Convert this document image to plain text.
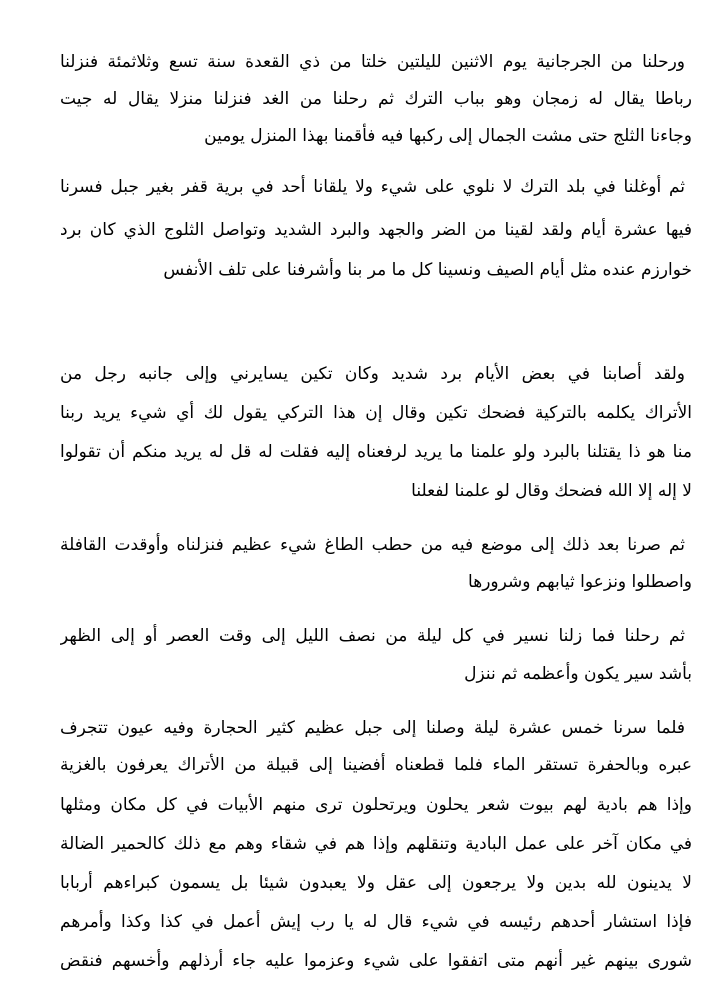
ورحلنا من الجرجانية يوم الاثنين لليلتين خلتا من ذي القعدة سنة تسع وثلاثمئة فنزلنا

رباطا يقال له زمجان وهو بباب الترك ثم رحلنا من الغد فنزلنا منزلا يقال له جيت

وجاءنا الثلج حتى مشت الجمال إلى ركبها فيه فأقمنا بهذا المنزل يومين

ثم أوغلنا في بلد الترك لا نلوي على شيء ولا يلقانا أحد في برية قفر بغير جبل فسرنا

فيها عشرة أيام ولقد لقينا من الضر والجهد والبرد الشديد وتواصل الثلوج الذي كان برد

خوارزم عنده مثل أيام الصيف ونسينا كل ما مر بنا وأشرفنا على تلف الأنفس

ولقد أصابنا في بعض الأيام برد شديد وكان تكين يسايرني وإلى جانبه رجل من

الأتراك يكلمه بالتركية فضحك تكين وقال إن هذا التركي يقول لك أي شيء يريد ربنا

منا هو ذا يقتلنا بالبرد ولو علمنا ما يريد لرفعناه إليه فقلت له قل له يريد منكم أن تقولوا

لا إله إلا الله فضحك وقال لو علمنا لفعلنا

ثم صرنا بعد ذلك إلى موضع فيه من حطب الطاغ شيء عظيم فنزلناه وأوقدت القافلة

واصطلوا ونزعوا ثيابهم وشرورها

ثم رحلنا فما زلنا نسير في كل ليلة من نصف الليل إلى وقت العصر أو إلى الظهر

بأشد سير يكون وأعظمه ثم ننزل

فلما سرنا خمس عشرة ليلة وصلنا إلى جبل عظيم كثير الحجارة وفيه عيون تتجرف

عبره وبالحفرة تستقر الماء فلما قطعناه أفضينا إلى قبيلة من الأتراك يعرفون بالغزية

وإذا هم بادية لهم بيوت شعر يحلون ويرتحلون ترى منهم الأبيات في كل مكان ومثلها

في مكان آخر على عمل البادية وتنقلهم وإذا هم في شقاء وهم مع ذلك كالحمير الضالة

لا يدينون لله بدين ولا يرجعون إلى عقل ولا يعبدون شيئا بل يسمون كبراءهم أربابا

فإذا استشار أحدهم رئيسه في شيء قال له يا رب إيش أعمل في كذا وكذا وأمرهم

شورى بينهم غير أنهم متى اتفقوا على شيء وعزموا عليه جاء أرذلهم وأخسهم فنقض
